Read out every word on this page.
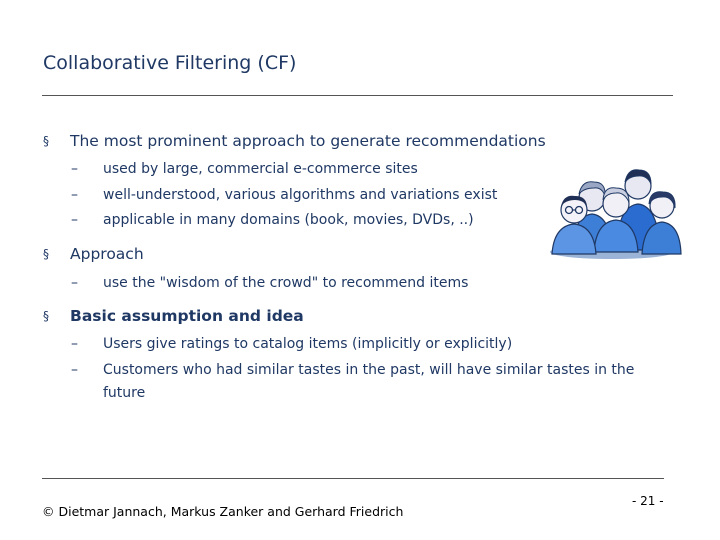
Collaborative Filtering (CF)
§ The most prominent approach to generate recommendations
– used by large, commercial e-commerce sites
– well-understood, various algorithms and variations exist
– applicable in many domains (book, movies, DVDs, ..)
§ Approach
– use the "wisdom of the crowd" to recommend items
§ Basic assumption and idea
– Users give ratings to catalog items (implicitly or explicitly)
– Customers who had similar tastes in the past, will have similar tastes in the future
© Dietmar Jannach, Markus Zanker and Gerhard Friedrich
- 21 -
